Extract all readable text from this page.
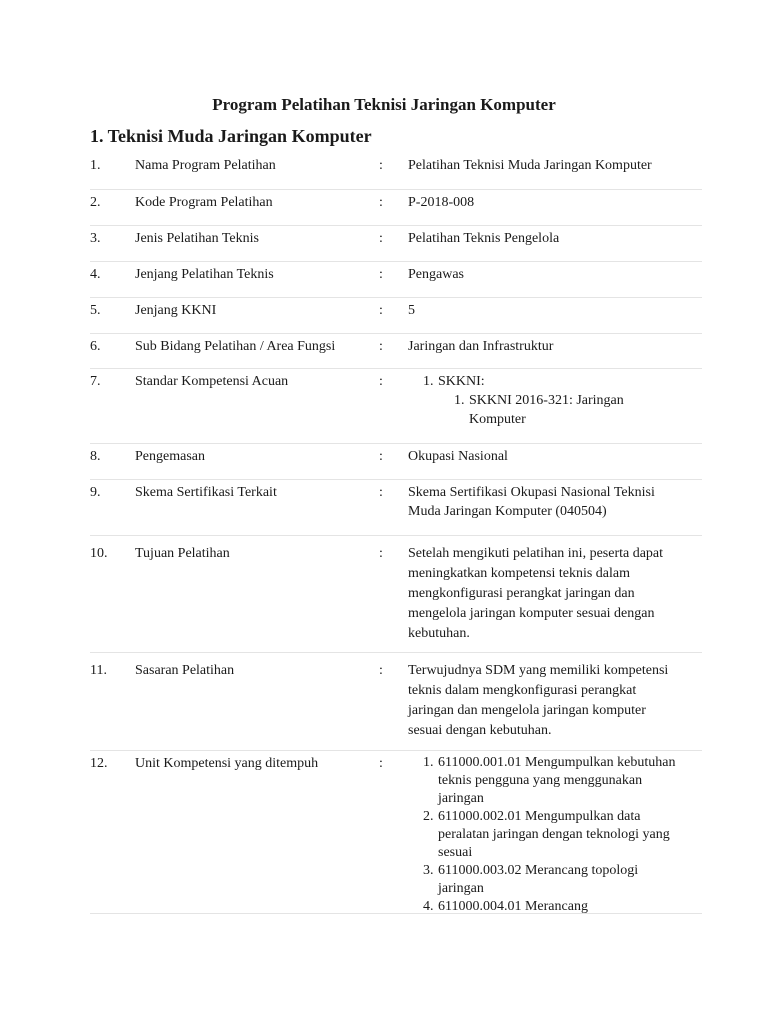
Program Pelatihan Teknisi Jaringan Komputer
1. Teknisi Muda Jaringan Komputer
1.	Nama Program Pelatihan	:	Pelatihan Teknisi Muda Jaringan Komputer
2.	Kode Program Pelatihan	:	P-2018-008
3.	Jenis Pelatihan Teknis	:	Pelatihan Teknis Pengelola
4.	Jenjang Pelatihan Teknis	:	Pengawas
5.	Jenjang KKNI	:	5
6.	Sub Bidang Pelatihan / Area Fungsi	:	Jaringan dan Infrastruktur
7.	Standar Kompetensi Acuan	:	1. SKKNI:
1. SKKNI 2016-321: Jaringan Komputer
8.	Pengemasan	:	Okupasi Nasional
9.	Skema Sertifikasi Terkait	:	Skema Sertifikasi Okupasi Nasional Teknisi Muda Jaringan Komputer (040504)
10.	Tujuan Pelatihan	:	Setelah mengikuti pelatihan ini, peserta dapat meningkatkan kompetensi teknis dalam mengkonfigurasi perangkat jaringan dan mengelola jaringan komputer sesuai dengan kebutuhan.
11.	Sasaran Pelatihan	:	Terwujudnya SDM yang memiliki kompetensi teknis dalam mengkonfigurasi perangkat jaringan dan mengelola jaringan komputer sesuai dengan kebutuhan.
12.	Unit Kompetensi yang ditempuh	:	1. 611000.001.01 Mengumpulkan kebutuhan teknis pengguna yang menggunakan jaringan
2. 611000.002.01 Mengumpulkan data peralatan jaringan dengan teknologi yang sesuai
3. 611000.003.02 Merancang topologi jaringan
4. 611000.004.01 Merancang
